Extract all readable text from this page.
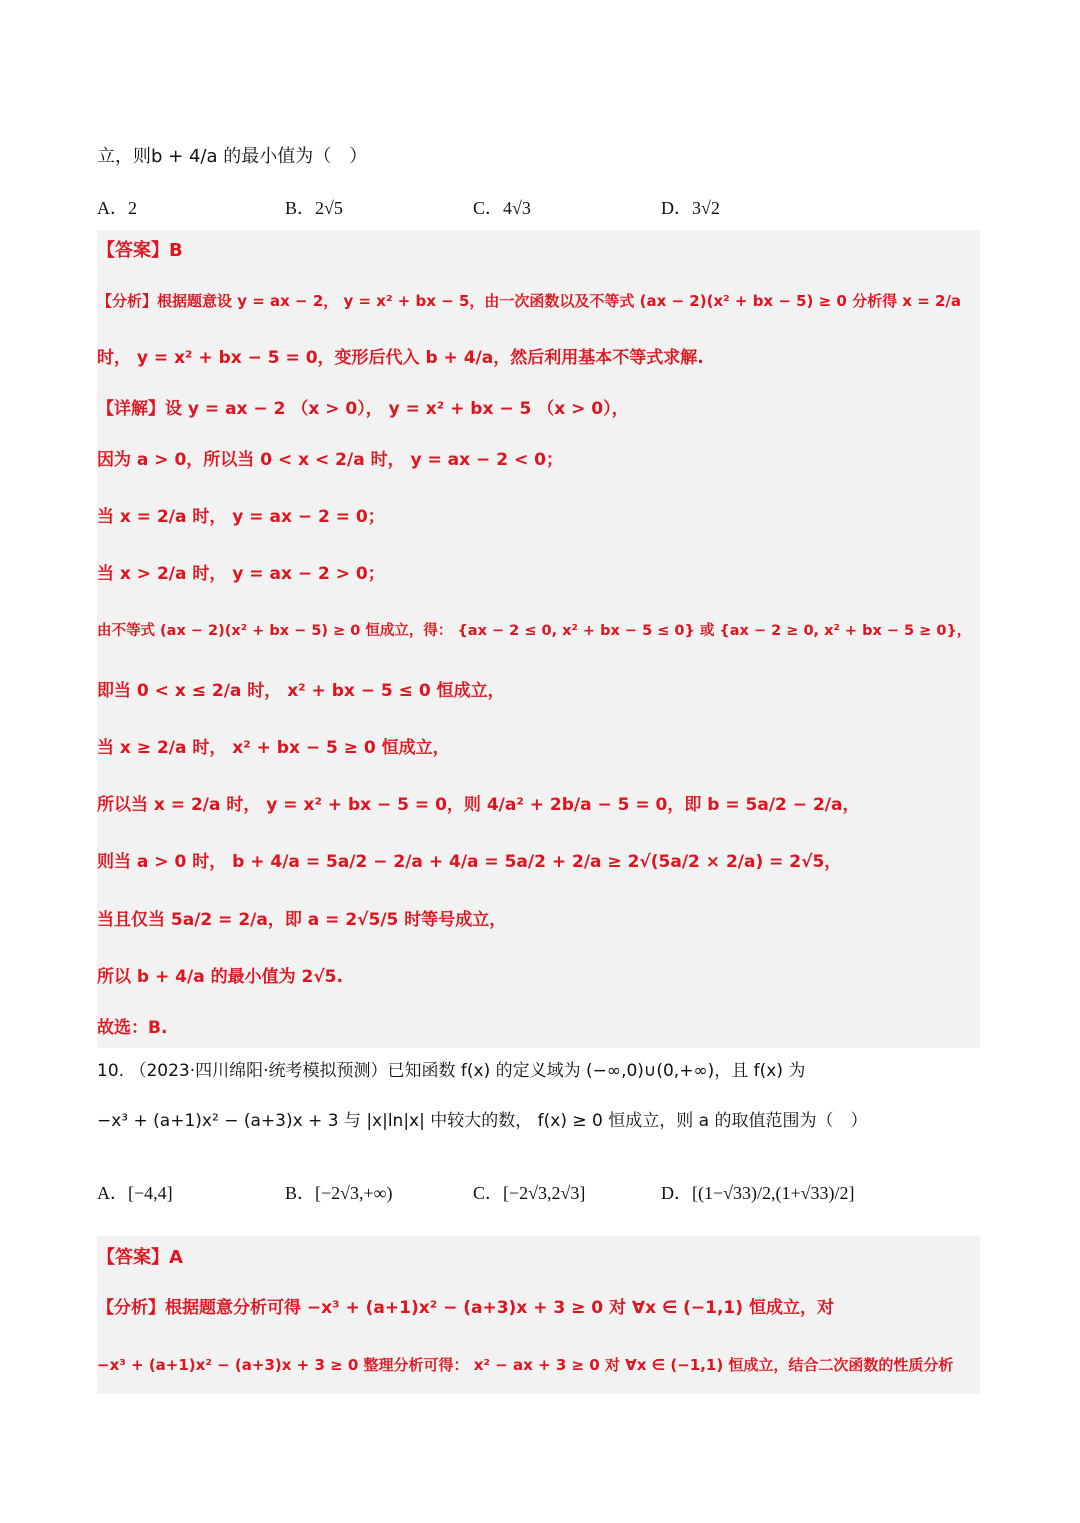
立，则b + 4/a 的最小值为（　）
A．2	B．2√5	C．4√3	D．3√2
【答案】B
【分析】根据题意设 y = ax − 2， y = x² + bx − 5，由一次函数以及不等式 (ax − 2)(x² + bx − 5) ≥ 0 分析得 x = 2/a
时， y = x² + bx − 5 = 0，变形后代入 b + 4/a，然后利用基本不等式求解.
【详解】设 y = ax − 2 （x > 0）， y = x² + bx − 5 （x > 0），
因为 a > 0，所以当 0 < x < 2/a 时， y = ax − 2 < 0；
当 x = 2/a 时， y = ax − 2 = 0；
当 x > 2/a 时， y = ax − 2 > 0；
由不等式 (ax − 2)(x² + bx − 5) ≥ 0 恒成立，得： {ax − 2 ≤ 0, x² + bx − 5 ≤ 0} 或 {ax − 2 ≥ 0, x² + bx − 5 ≥ 0}，
即当 0 < x ≤ 2/a 时， x² + bx − 5 ≤ 0 恒成立，
当 x ≥ 2/a 时， x² + bx − 5 ≥ 0 恒成立，
所以当 x = 2/a 时， y = x² + bx − 5 = 0，则 4/a² + 2b/a − 5 = 0，即 b = 5a/2 − 2/a，
则当 a > 0 时， b + 4/a = 5a/2 − 2/a + 4/a = 5a/2 + 2/a ≥ 2√(5a/2 × 2/a) = 2√5，
当且仅当 5a/2 = 2/a，即 a = 2√5/5 时等号成立，
所以 b + 4/a 的最小值为 2√5.
故选：B.
10. （2023·四川绵阳·统考模拟预测）已知函数 f(x) 的定义域为 (−∞,0)∪(0,+∞)，且 f(x) 为
−x³ + (a+1)x² − (a+3)x + 3 与 |x|ln|x| 中较大的数， f(x) ≥ 0 恒成立，则 a 的取值范围为（　）
A．[−4,4]	B．[−2√3,+∞)	C．[−2√3,2√3]	D．[(1−√33)/2,(1+√33)/2]
【答案】A
【分析】根据题意分析可得 −x³ + (a+1)x² − (a+3)x + 3 ≥ 0 对 ∀x ∈ (−1,1) 恒成立，对
−x³ + (a+1)x² − (a+3)x + 3 ≥ 0 整理分析可得： x² − ax + 3 ≥ 0 对 ∀x ∈ (−1,1) 恒成立，结合二次函数的性质分析
